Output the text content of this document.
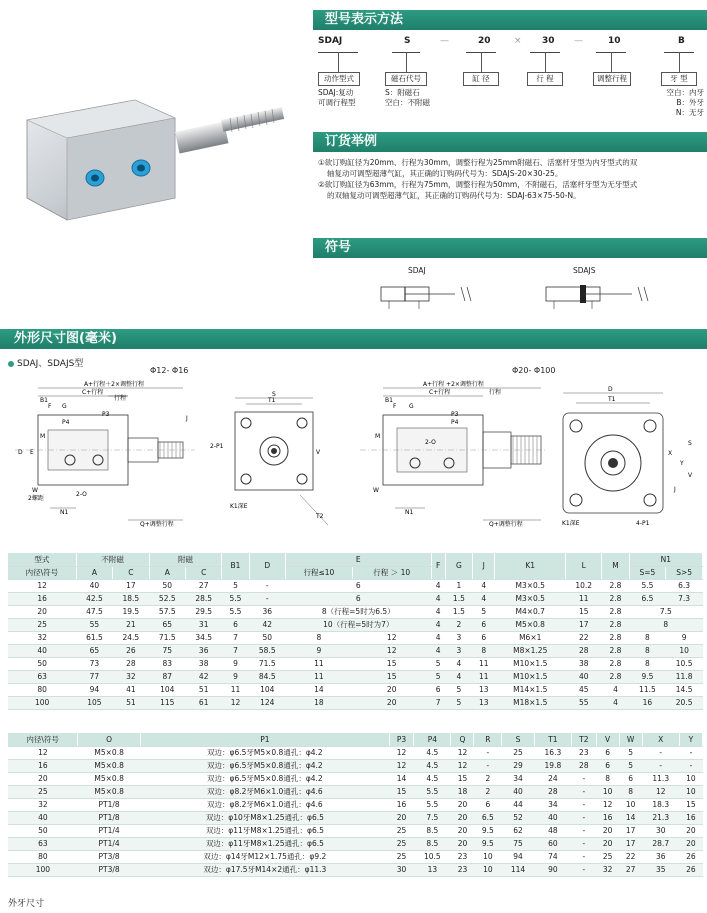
型号表示方法
SDAJ	S	—	20	× 30 —	10	B
动作型式	磁石代号	缸 径	行 程	调整行程	牙 型
SDAJ:复动
可调行程型
S：附磁石
空白：不附磁
空白：内牙
B：外牙
N：无牙
订货举例

①欲订购缸径为20mm、行程为30mm，调整行程为25mm附磁石、活塞杆牙型为内牙型式的双

轴复动可调型超薄气缸，其正确的订购码代号为：SDAJS-20×30-25。

②欲订购缸径为63mm，行程为75mm，调整行程为50mm，不附磁石，活塞杆牙型为无牙型式

的双轴复动可调型超薄气缸，其正确的订购码代号为：SDAJ-63×75-50-N。

符号
SDAJ	SDAJS
外形尺寸图(毫米)
SDAJ、SDAJS型
Φ12- Φ16	Φ20- Φ100
A+行程＋2×调整行程
C+行程
行程
B1
F G
P3
P4
M
D E
J
2-O
W
2螺距
N1
Q+调整行程
S
T1
T2
V
2-P1
K1深E
A+行程 +2×调整行程
C+行程	行程
B1
F G
P3
P4
2-O
M
W
N1
Q+调整行程
D
T1
K1深E	4-P1
X
Y
S
V
J
型式	不附磁		附磁		B1	D	E		F	G	J	K1	L	M	N1	
内径\符号	A	C	A	C			行程≤10	行程 ＞ 10							S=5	S>5
12	40	17	50	27	5	-	6		4	1	4	M3×0.5	10.2	2.8	5.5	6.3
16	42.5	18.5	52.5	28.5	5.5	-	6		4	1.5	4	M3×0.5	11	2.8	6.5	7.3
20	47.5	19.5	57.5	29.5	5.5	36	8（行程=5时为6.5）		4	1.5	5	M4×0.7	15	2.8	7.5	
25	55	21	65	31	6	42	10（行程=5时为7）		4	2	6	M5×0.8	17	2.8	8	
32	61.5	24.5	71.5	34.5	7	50	8	12	4	3	6	M6×1	22	2.8	8	9
40	65	26	75	36	7	58.5	9	12	4	3	8	M8×1.25	28	2.8	8	10
50	73	28	83	38	9	71.5	11	15	5	4	11	M10×1.5	38	2.8	8	10.5
63	77	32	87	42	9	84.5	11	15	5	4	11	M10×1.5	40	2.8	9.5	11.8
80	94	41	104	51	11	104	14	20	6	5	13	M14×1.5	45	4	11.5	14.5
100	105	51	115	61	12	124	18	20	7	5	13	M18×1.5	55	4	16	20.5
内径\符号	O	P1	P3	P4	Q	R	S	T1	T2	V	W	X	Y
12	M5×0.8	双边：φ6.5牙M5×0.8通孔：φ4.2	12	4.5	12	-	25	16.3	23	6	5	-	-
16	M5×0.8	双边：φ6.5牙M5×0.8通孔：φ4.2	12	4.5	12	-	29	19.8	28	6	5	-	-
20	M5×0.8	双边：φ6.5牙M5×0.8通孔：φ4.2	14	4.5	15	2	34	24	-	8	6	11.3	10
25	M5×0.8	双边：φ8.2牙M6×1.0通孔：φ4.6	15	5.5	18	2	40	28	-	10	8	12	10
32	PT1/8	双边：φ8.2牙M6×1.0通孔：φ4.6	16	5.5	20	6	44	34	-	12	10	18.3	15
40	PT1/8	双边：φ10牙M8×1.25通孔：φ6.5	20	7.5	20	6.5	52	40	-	16	14	21.3	16
50	PT1/4	双边：φ11牙M8×1.25通孔：φ6.5	25	8.5	20	9.5	62	48	-	20	17	30	20
63	PT1/4	双边：φ11牙M8×1.25通孔：φ6.5	25	8.5	20	9.5	75	60	-	20	17	28.7	20
80	PT3/8	双边：φ14牙M12×1.75通孔：φ9.2	25	10.5	23	10	94	74	-	25	22	36	26
100	PT3/8	双边：φ17.5牙M14×2通孔：φ11.3	30	13	23	10	114	90	-	32	27	35	26
外牙尺寸
